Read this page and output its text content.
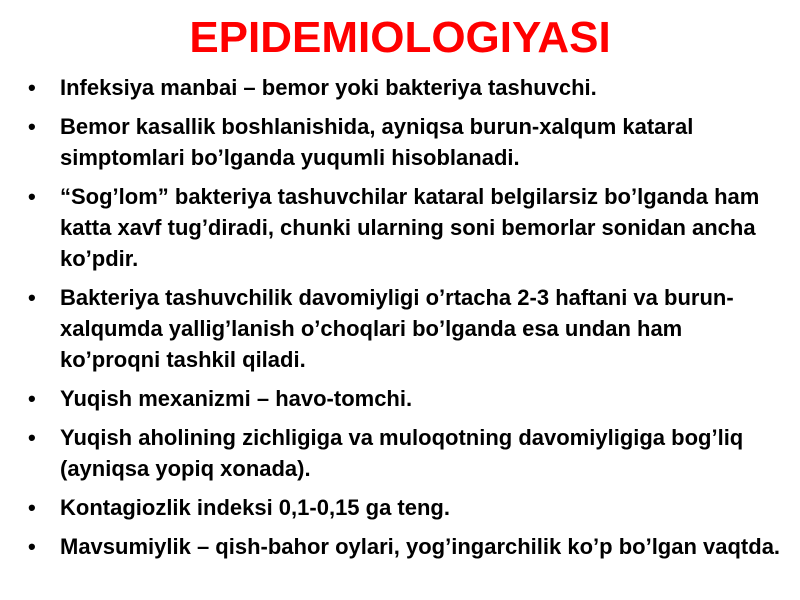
EPIDEMIOLOGIYASI
• Infeksiya manbai – bemor yoki bakteriya tashuvchi.
• Bemor kasallik boshlanishida, ayniqsa burun-xalqum kataral simptomlari bo’lganda yuqumli hisoblanadi.
• “Sog’lom” bakteriya tashuvchilar kataral belgilarsiz bo’lganda ham katta xavf tug’diradi, chunki ularning soni bemorlar sonidan ancha ko’pdir.
• Bakteriya tashuvchilik davomiyligi o’rtacha 2-3 haftani va burun-xalqumda yallig’lanish o’choqlari bo’lganda esa undan ham ko’proqni tashkil qiladi.
• Yuqish mexanizmi – havo-tomchi.
• Yuqish aholining zichligiga va muloqotning davomiyligiga bog’liq (ayniqsa yopiq xonada).
• Kontagiozlik indeksi 0,1-0,15 ga teng.
• Mavsumiylik – qish-bahor oylari, yog’ingarchilik ko’p bo’lgan vaqtda.
